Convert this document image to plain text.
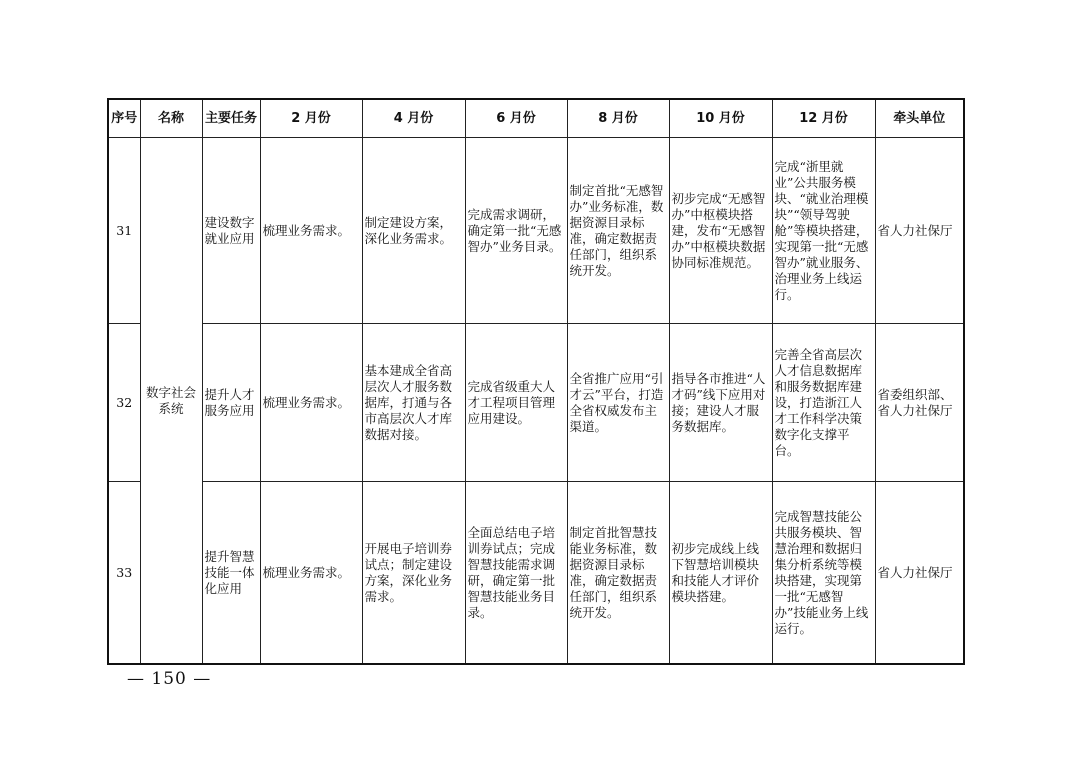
序号	名称	主要任务	2 月份	4 月份	6 月份	8 月份	10 月份	12 月份	牵头单位
31	数字社会系统	建设数字就业应用	梳理业务需求。	制定建设方案，深化业务需求。	完成需求调研，确定第一批“无感智办”业务目录。	制定首批“无感智办”业务标准，数据资源目录标准，确定数据责任部门，组织系统开发。	初步完成“无感智办”中枢模块搭建，发布“无感智办”中枢模块数据协同标准规范。	完成“浙里就业”公共服务模块、“就业治理模块”“领导驾驶舱”等模块搭建，实现第一批“无感智办”就业服务、治理业务上线运行。	省人力社保厅
32		提升人才服务应用	梳理业务需求。	基本建成全省高层次人才服务数据库，打通与各市高层次人才库数据对接。	完成省级重大人才工程项目管理应用建设。	全省推广应用“引才云”平台，打造全省权威发布主渠道。	指导各市推进“人才码”线下应用对接；建设人才服务数据库。	完善全省高层次人才信息数据库和服务数据库建设，打造浙江人才工作科学决策数字化支撑平台。	省委组织部、省人力社保厅
33		提升智慧技能一体化应用	梳理业务需求。	开展电子培训券试点；制定建设方案，深化业务需求。	全面总结电子培训券试点；完成智慧技能需求调研，确定第一批智慧技能业务目录。	制定首批智慧技能业务标准，数据资源目录标准，确定数据责任部门，组织系统开发。	初步完成线上线下智慧培训模块和技能人才评价模块搭建。	完成智慧技能公共服务模块、智慧治理和数据归集分析系统等模块搭建，实现第一批“无感智办”技能业务上线运行。	省人力社保厅
— 150 —
